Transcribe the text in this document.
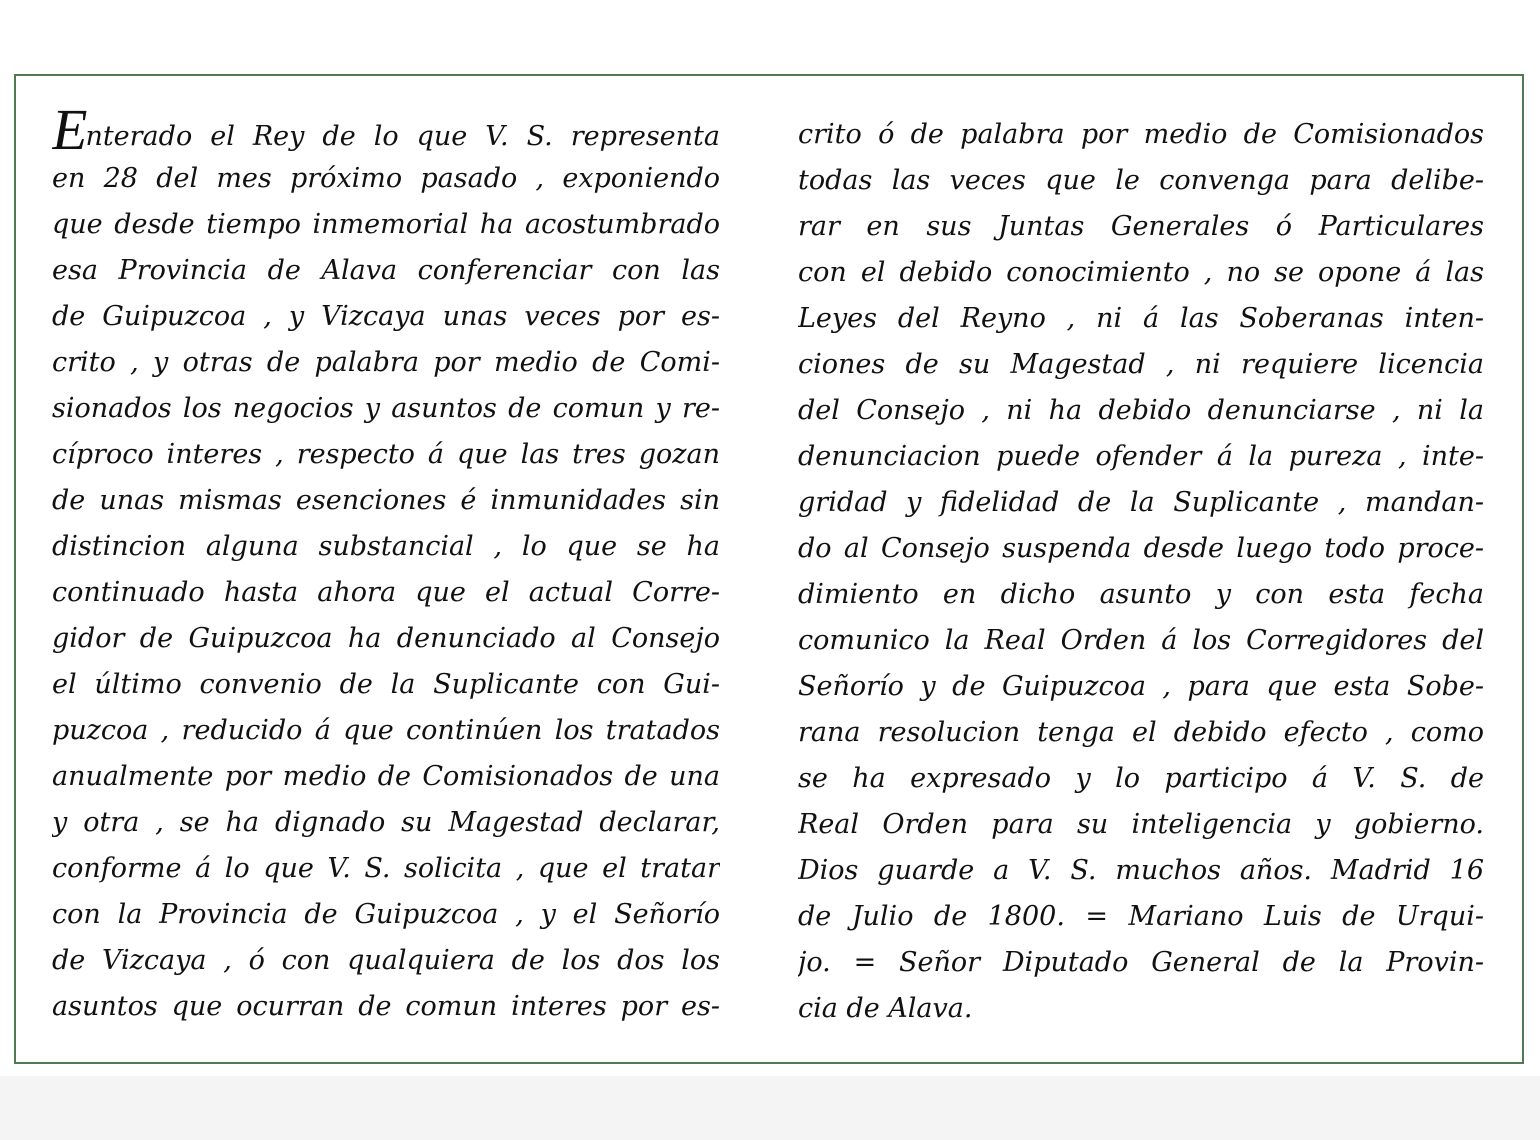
Enterado el Rey de lo que V. S. representa
en 28 del mes próximo pasado , exponiendo
que desde tiempo inmemorial ha acostumbrado
esa Provincia de Alava conferenciar con las
de Guipuzcoa , y Vizcaya unas veces por es-
crito , y otras de palabra por medio de Comi-
sionados los negocios y asuntos de comun y re-
cíproco interes , respecto á que las tres gozan
de unas mismas esenciones é inmunidades sin
distincion alguna substancial , lo que se ha
continuado hasta ahora que el actual Corre-
gidor de Guipuzcoa ha denunciado al Consejo
el último convenio de la Suplicante con Gui-
puzcoa , reducido á que continúen los tratados
anualmente por medio de Comisionados de una
y otra , se ha dignado su Magestad declarar,
conforme á lo que V. S. solicita , que el tratar
con la Provincia de Guipuzcoa , y el Señorío
de Vizcaya , ó con qualquiera de los dos los
asuntos que ocurran de comun interes por es-
crito ó de palabra por medio de Comisionados
todas las veces que le convenga para delibe-
rar en sus Juntas Generales ó Particulares
con el debido conocimiento , no se opone á las
Leyes del Reyno , ni á las Soberanas inten-
ciones de su Magestad , ni requiere licencia
del Consejo , ni ha debido denunciarse , ni la
denunciacion puede ofender á la pureza , inte-
gridad y fidelidad de la Suplicante , mandan-
do al Consejo suspenda desde luego todo proce-
dimiento en dicho asunto y con esta fecha
comunico la Real Orden á los Corregidores del
Señorío y de Guipuzcoa , para que esta Sobe-
rana resolucion tenga el debido efecto , como
se ha expresado y lo participo á V. S. de
Real Orden para su inteligencia y gobierno.
Dios guarde a V. S. muchos años. Madrid 16
de Julio de 1800. = Mariano Luis de Urqui-
jo. = Señor Diputado General de la Provin-
cia de Alava.
